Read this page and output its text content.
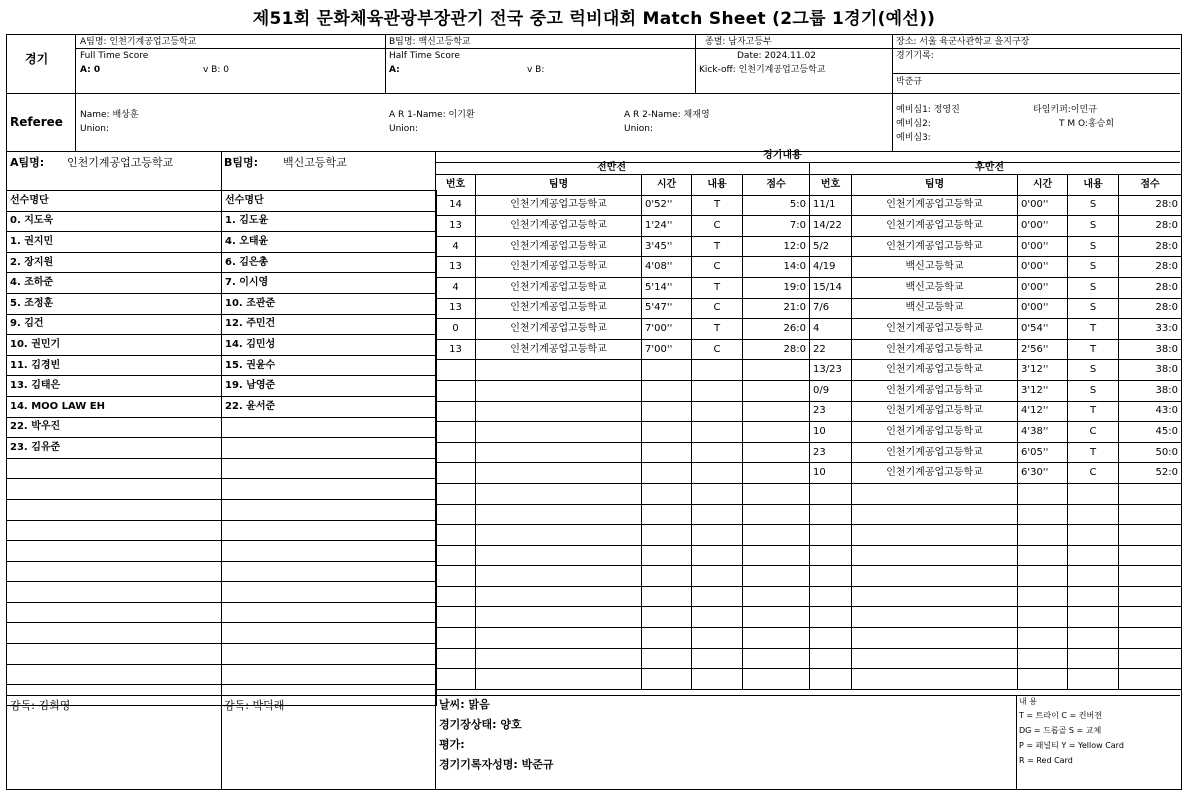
제51회 문화체육관광부장관기 전국 중고 럭비대회 Match Sheet (2그룹 1경기(예선))
경기
A팀명: 인천기계공업고등학교
Full Time Score
A: 0	v B: 0
B팀명: 백신고등학교
Half Time Score
A:	v B:
종별: 남자고등부
Date: 2024.11.02
Kick-off: 인천기계공업고등학교
장소: 서울 육군사관학교 을지구장
경기기록:
박준규
Referee Name: 배상훈
Union:
A R 1-Name: 이기환
Union:
A R 2-Name: 채재영
Union:
예비심1: 정영진
예비심2:
예비심3:
타임키퍼:이민규
T M O:홍승희
A팀명: 인천기계공업고등학교	B팀명: 백신고등학교
경기내용
전반전	후반전
선수명단	선수명단
0. 지도욱	1. 김도윤
1. 권지민	4. 오태윤
2. 장지원	6. 김은총
4. 조하준	7. 이시영
5. 조정훈	10. 조관준
9. 김건	12. 주민건
10. 권민기	14. 김민성
11. 김경빈	15. 권윤수
13. 김태은	19. 남영준
14. MOO LAW EH	22. 윤서준
22. 박우진	
23. 김유준	

번호	팀명	시간	내용	점수	번호	팀명	시간	내용	점수
14	인천기계공업고등학교	0'52''	T	5:0	11/1	인천기계공업고등학교	0'00''	S	28:0
13	인천기계공업고등학교	1'24''	C	7:0	14/22	인천기계공업고등학교	0'00''	S	28:0
4	인천기계공업고등학교	3'45''	T	12:0	5/2	인천기계공업고등학교	0'00''	S	28:0
13	인천기계공업고등학교	4'08''	C	14:0	4/19	백신고등학교	0'00''	S	28:0
4	인천기계공업고등학교	5'14''	T	19:0	15/14	백신고등학교	0'00''	S	28:0
13	인천기계공업고등학교	5'47''	C	21:0	7/6	백신고등학교	0'00''	S	28:0
0	인천기계공업고등학교	7'00''	T	26:0	4	인천기계공업고등학교	0'54''	T	33:0
13	인천기계공업고등학교	7'00''	C	28:0	22	인천기계공업고등학교	2'56''	T	38:0
					13/23	인천기계공업고등학교	3'12''	S	38:0
					0/9	인천기계공업고등학교	3'12''	S	38:0
					23	인천기계공업고등학교	4'12''	T	43:0
					10	인천기계공업고등학교	4'38''	C	45:0
					23	인천기계공업고등학교	6'05''	T	50:0
					10	인천기계공업고등학교	6'30''	C	52:0

감독: 김희영	감독: 박덕래	날씨: 맑음
경기장상태: 양호
평가:
경기기록자성명: 박준규
내 용
T = 트라이 C = 컨버젼
DG = 드롭골 S = 교체
P = 패널티 Y = Yellow Card
R = Red Card
